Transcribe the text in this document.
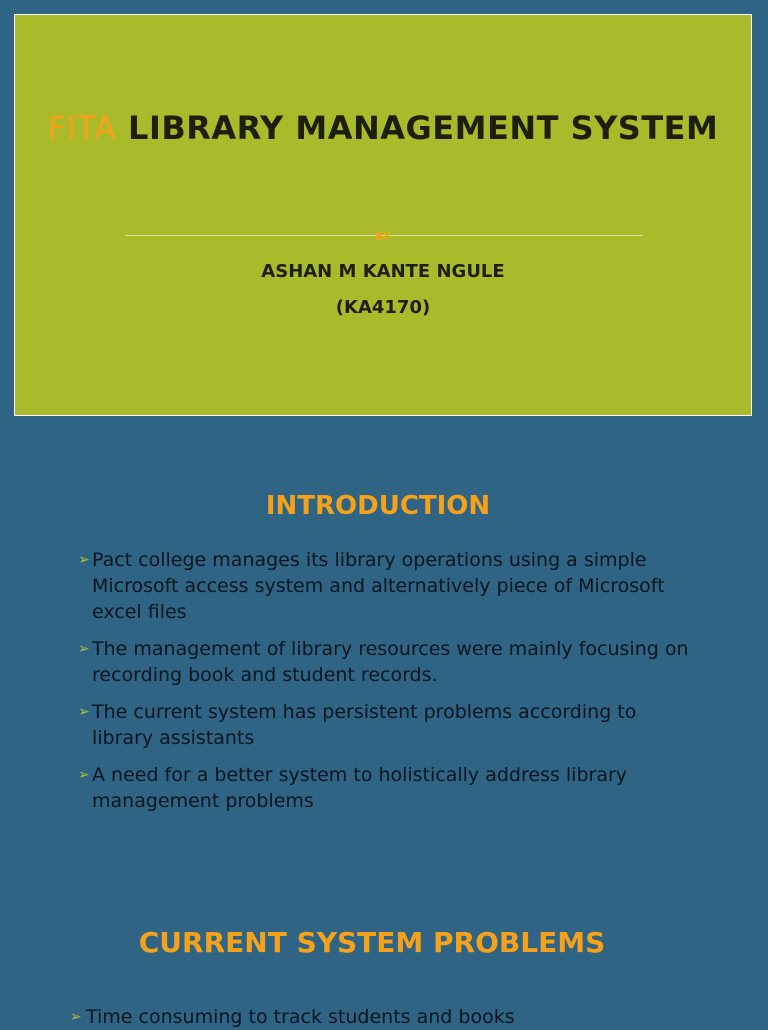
FITA LIBRARY MANAGEMENT SYSTEM
BY
ASHAN M KANTE NGULE
(KA4170)
INTRODUCTION
➢ Pact college manages its library operations using a simple Microsoft access system and alternatively piece of Microsoft excel files
➢ The management of library resources were mainly focusing on recording book and student records.
➢ The current system has persistent problems according to library assistants
➢ A need for a better system to holistically address library management problems
CURRENT SYSTEM PROBLEMS
➢ Time consuming to track students and books
